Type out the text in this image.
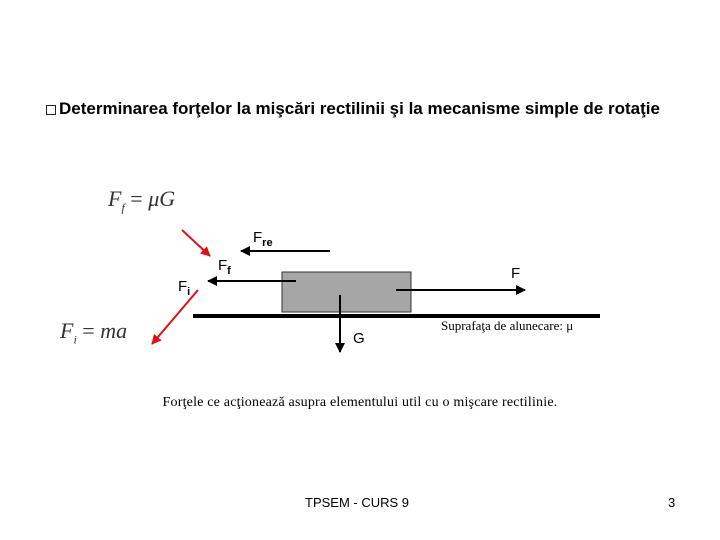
Determinarea forţelor la mişcări rectilinii şi la mecanisme simple de rotaţie
$F_f = \mu G$
$F_i$ = ma
$F_{re}$
$F_f$
$F_i$
F
G
Suprafaţa de alunecare: μ
Forţele ce acţionează asupra elementului util cu o mişcare rectilinie.
TPSEM - CURS 9	3
